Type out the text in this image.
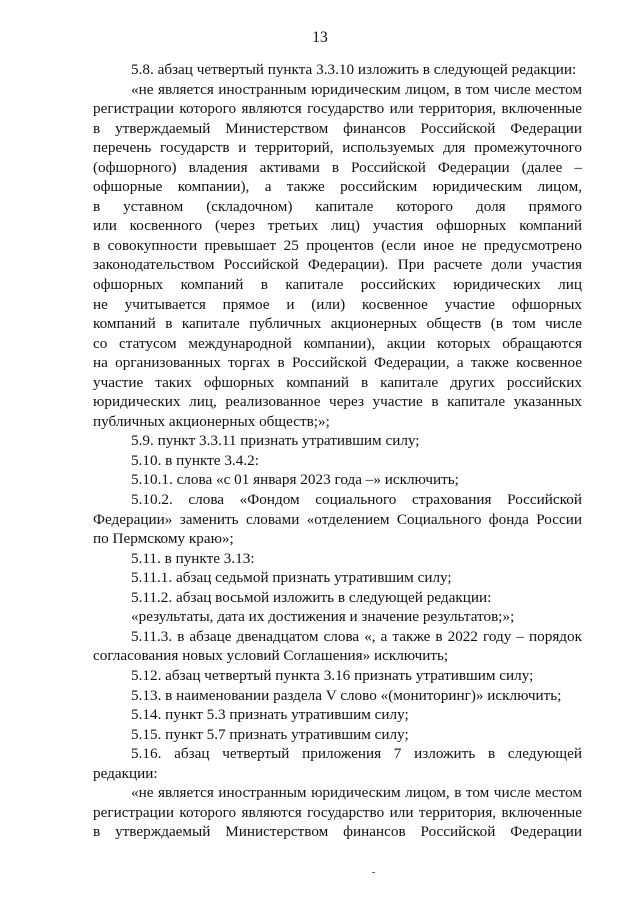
13
5.8. абзац четвертый пункта 3.3.10 изложить в следующей редакции:
«не является иностранным юридическим лицом, в том числе местом
регистрации которого являются государство или территория, включенные
в утверждаемый Министерством финансов Российской Федерации
перечень государств и территорий, используемых для промежуточного
(офшорного) владения активами в Российской Федерации (далее –
офшорные компании), а также российским юридическим лицом,
в уставном (складочном) капитале которого доля прямого
или косвенного (через третьих лиц) участия офшорных компаний
в совокупности превышает 25 процентов (если иное не предусмотрено
законодательством Российской Федерации). При расчете доли участия
офшорных компаний в капитале российских юридических лиц
не учитывается прямое и (или) косвенное участие офшорных
компаний в капитале публичных акционерных обществ (в том числе
со статусом международной компании), акции которых обращаются
на организованных торгах в Российской Федерации, а также косвенное
участие таких офшорных компаний в капитале других российских
юридических лиц, реализованное через участие в капитале указанных
публичных акционерных обществ;»;
5.9. пункт 3.3.11 признать утратившим силу;
5.10. в пункте 3.4.2:
5.10.1. слова «с 01 января 2023 года –» исключить;
5.10.2. слова «Фондом социального страхования Российской
Федерации» заменить словами «отделением Социального фонда России
по Пермскому краю»;
5.11. в пункте 3.13:
5.11.1. абзац седьмой признать утратившим силу;
5.11.2. абзац восьмой изложить в следующей редакции:
«результаты, дата их достижения и значение результатов;»;
5.11.3. в абзаце двенадцатом слова «, а также в 2022 году – порядок
согласования новых условий Соглашения» исключить;
5.12. абзац четвертый пункта 3.16 признать утратившим силу;
5.13. в наименовании раздела V слово «(мониторинг)» исключить;
5.14. пункт 5.3 признать утратившим силу;
5.15. пункт 5.7 признать утратившим силу;
5.16. абзац четвертый приложения 7 изложить в следующей
редакции:
«не является иностранным юридическим лицом, в том числе местом
регистрации которого являются государство или территория, включенные
в утверждаемый Министерством финансов Российской Федерации
